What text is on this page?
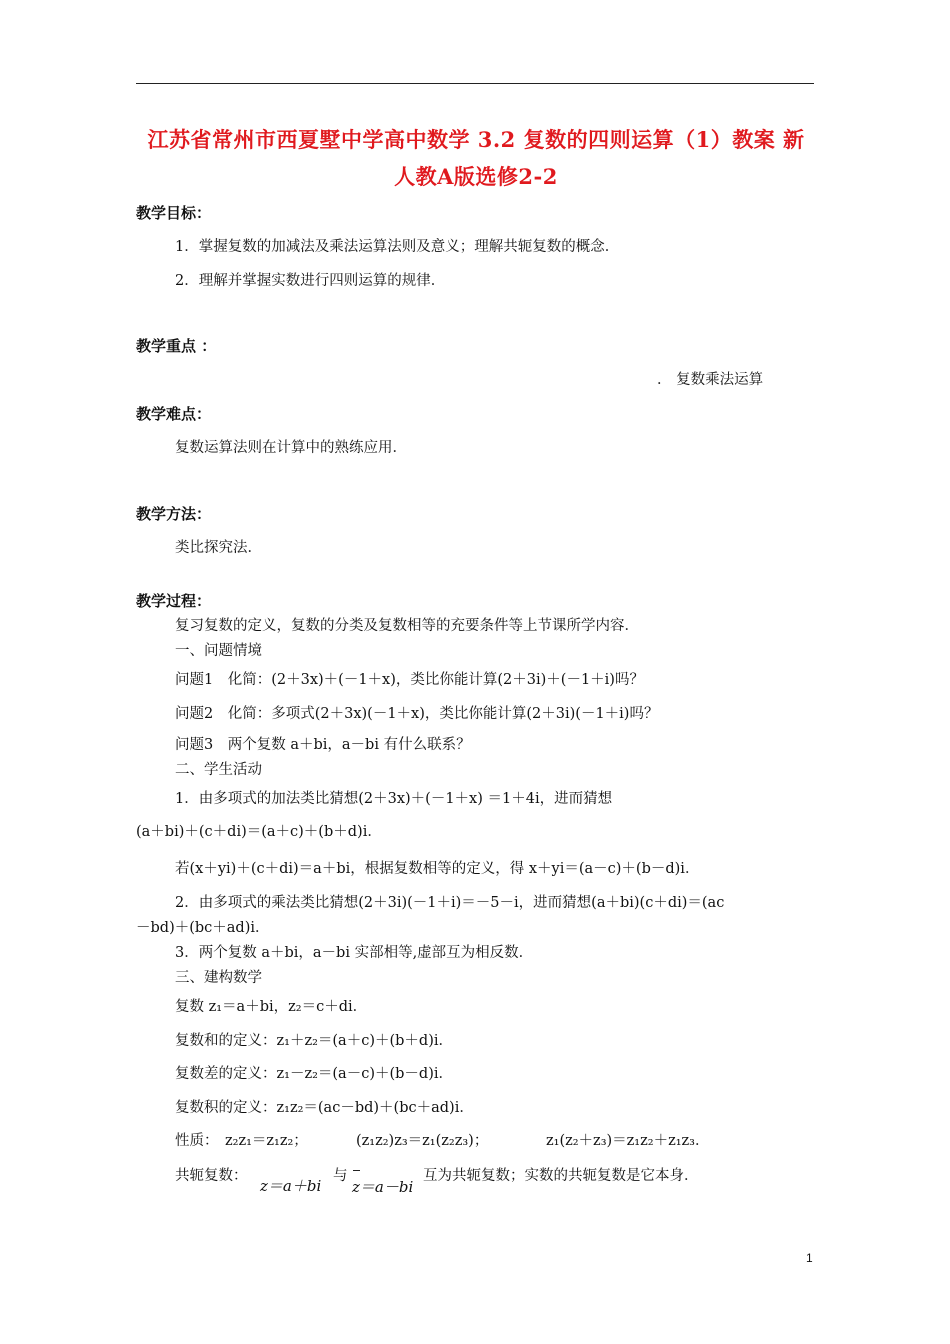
江苏省常州市西夏墅中学高中数学 3.2 复数的四则运算（1）教案 新
人教A版选修2-2
教学目标：
1．掌握复数的加减法及乘法运算法则及意义；理解共轭复数的概念．
2．理解并掌握实数进行四则运算的规律．
教学重点 ：
． 复数乘法运算
教学难点：
复数运算法则在计算中的熟练应用．
教学方法：
类比探究法．
教学过程：
复习复数的定义，复数的分类及复数相等的充要条件等上节课所学内容．
一、问题情境
问题1　化简：(2＋3x)＋(－1＋x)，类比你能计算(2＋3i)＋(－1＋i)吗？
问题2　化简：多项式(2＋3x)(－1＋x)，类比你能计算(2＋3i)(－1＋i)吗？
问题3　两个复数 a＋bi，a－bi 有什么联系？
二、学生活动
1．由多项式的加法类比猜想(2＋3x)＋(－1＋x) ＝1＋4i，进而猜想
(a＋bi)＋(c＋di)＝(a＋c)＋(b＋d)i．
若(x＋yi)＋(c＋di)＝a＋bi，根据复数相等的定义，得 x＋yi＝(a－c)＋(b－d)i．
2．由多项式的乘法类比猜想(2＋3i)(－1＋i)＝－5－i，进而猜想(a＋bi)(c＋di)＝(ac
－bd)＋(bc＋ad)i．
3．两个复数 a＋bi，a－bi 实部相等,虚部互为相反数．
三、建构数学
复数 z₁＝a＋bi，z₂＝c＋di．
复数和的定义：z₁＋z₂＝(a＋c)＋(b＋d)i．
复数差的定义：z₁－z₂＝(a－c)＋(b－d)i．
复数积的定义：z₁z₂＝(ac－bd)＋(bc＋ad)i．
性质： z₂z₁＝z₁z₂；	(z₁z₂)z₃＝z₁(z₂z₃)；	z₁(z₂＋z₃)＝z₁z₂＋z₁z₃．
共轭复数：
z＝a＋bi
与
z＝a－bi
互为共轭复数；实数的共轭复数是它本身．
1
